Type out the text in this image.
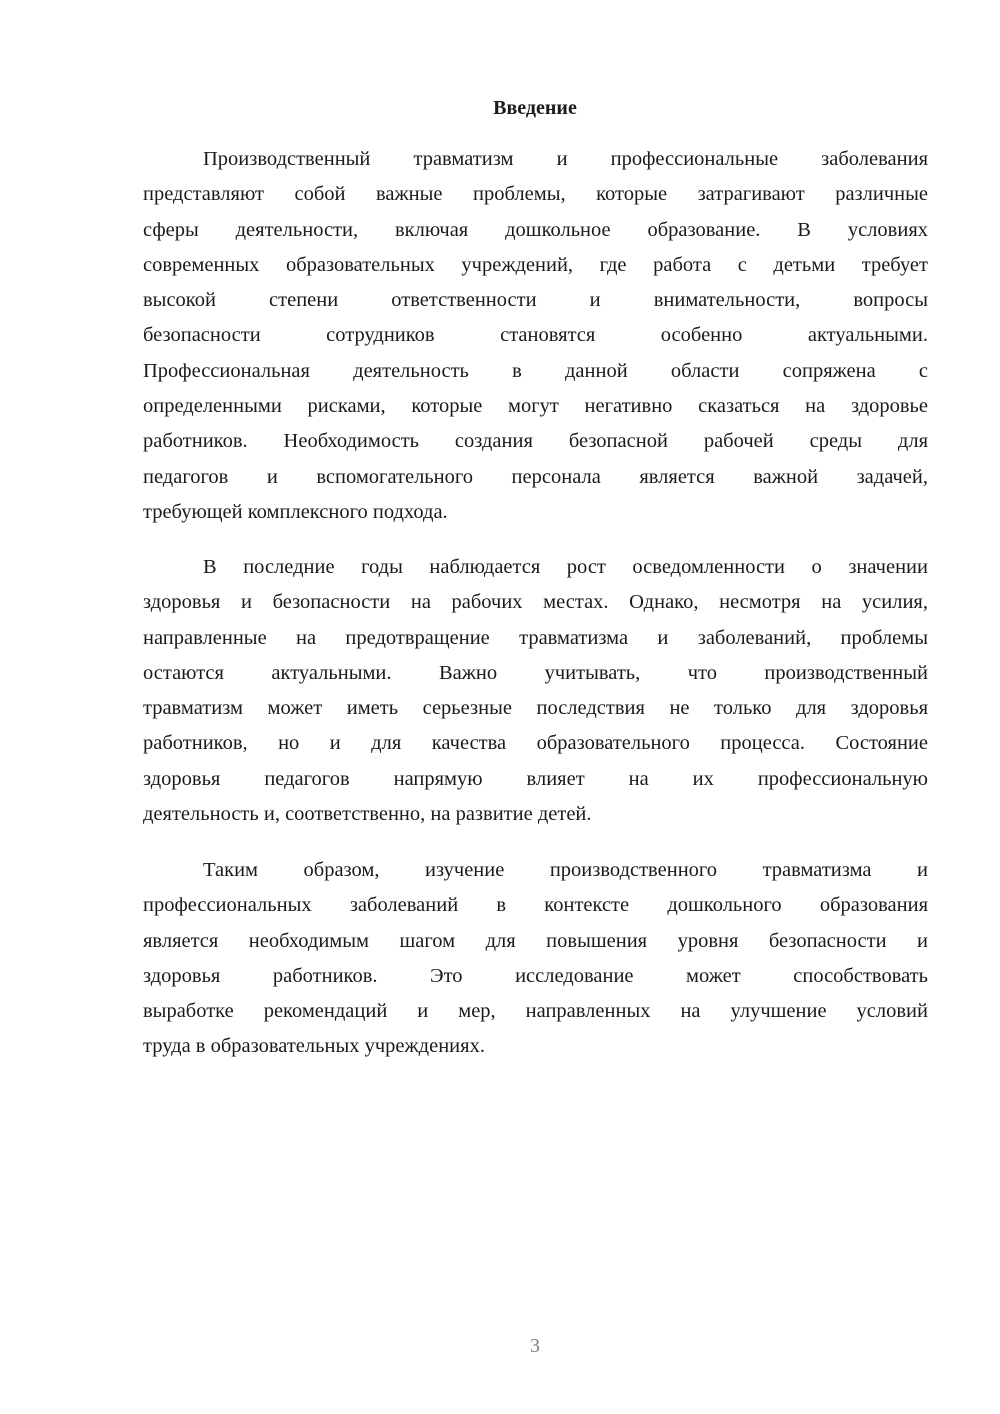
Введение
Производственный травматизм и профессиональные заболевания
представляют собой важные проблемы, которые затрагивают различные
сферы деятельности, включая дошкольное образование. В условиях
современных образовательных учреждений, где работа с детьми требует
высокой степени ответственности и внимательности, вопросы
безопасности сотрудников становятся особенно актуальными.
Профессиональная деятельность в данной области сопряжена с
определенными рисками, которые могут негативно сказаться на здоровье
работников. Необходимость создания безопасной рабочей среды для
педагогов и вспомогательного персонала является важной задачей,
требующей комплексного подхода.
В последние годы наблюдается рост осведомленности о значении
здоровья и безопасности на рабочих местах. Однако, несмотря на усилия,
направленные на предотвращение травматизма и заболеваний, проблемы
остаются актуальными. Важно учитывать, что производственный
травматизм может иметь серьезные последствия не только для здоровья
работников, но и для качества образовательного процесса. Состояние
здоровья педагогов напрямую влияет на их профессиональную
деятельность и, соответственно, на развитие детей.
Таким образом, изучение производственного травматизма и
профессиональных заболеваний в контексте дошкольного образования
является необходимым шагом для повышения уровня безопасности и
здоровья работников. Это исследование может способствовать
выработке рекомендаций и мер, направленных на улучшение условий
труда в образовательных учреждениях.
3
